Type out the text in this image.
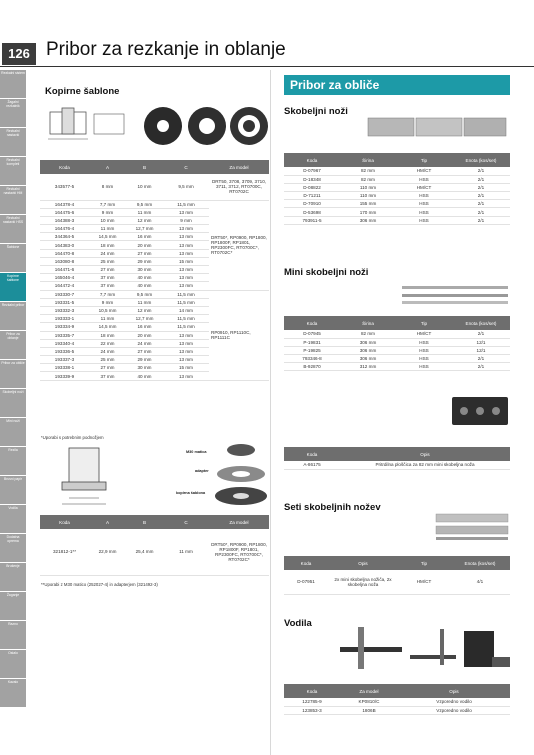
126 Pribor za rezkanje in oblanje
Rezkalni sistem
Žagalni rezkalnik
Rezkalni nastavki
Rezkalni kompleti
Rezkalni nastavki HM
Rezkalni nastavki HSS
Šablone
Kopirne šablone
Rezkalni pribor
Pribor za oblanje
Pribor za obliče
Skobeljni noži
Mini noži
Rezila
Brusni papir
Vodila
Dodatna oprema
Brušenje
Žaganje
Razno
Ostalo
Kazalo
Kopirne šablone
Koda	A	B	C	Za model
343577-5	8 mm	10 mm	9,5 mm	DRT50, 3708, 3709, 3710, 3711, 3712, RT0700C, RT0702C
164378-4	7,7 mm	9,5 mm	11,5 mm	DRT50*, RP0900, RP1800, RP1800F, RP1801, RP2300FC, RT0700C*, RT0702C*
164475-6	9 mm	11 mm	13 mm	
164388-3	10 mm	12 mm	9 mm	
164476-4	11 mm	12,7 mm	13 mm	
344364-5	14,5 mm	16 mm	13 mm	
164383-0	18 mm	20 mm	13 mm	
164470-8	24 mm	27 mm	13 mm	
163080-8	25 mm	29 mm	15 mm	
164471-6	27 mm	30 mm	13 mm	
165046-4	37 mm	40 mm	13 mm	
164472-4	37 mm	40 mm	13 mm	
193330-7	7,7 mm	9,5 mm	11,5 mm	RP0910, RP1110C, RP1111C
193331-5	9 mm	11 mm	11,5 mm	
193332-3	10,5 mm	12 mm	14 mm	
193333-1	11 mm	12,7 mm	11,5 mm	
193334-9	14,5 mm	16 mm	11,5 mm	
193335-7	18 mm	20 mm	13 mm	
193340-4	22 mm	24 mm	13 mm	
193336-5	24 mm	27 mm	13 mm	
193337-3	25 mm	29 mm	13 mm	
193338-1	27 mm	30 mm	15 mm	
193339-9	37 mm	40 mm	13 mm	
*Uporabi s potrebnim podnožjem
M30 matica
adapter
kopirna šablona
Koda	A	B	C	Za model
321812-1**	22,9 mm	25,4 mm	11 mm	DRT50*, RP0900, RP1800, RP1800F, RP1801, RP2300FC, RT0700C*, RT0702C*
**Uporabi z M30 matico (252027-4) in adapterjem (321492-3)
Pribor za obliče
Skobeljni noži
Koda	Širina	Tip	Enota (kos/set)
D-07967	82 mm	HM/CT	2/1
D-18348	82 mm	HSS	2/1
D-08822	110 mm	HM/CT	2/1
D-71211	110 mm	HSS	2/1
D-70910	155 mm	HSS	2/1
D-53698	170 mm	HSS	2/1
793911-5	306 mm	HSS	2/1
Mini skobeljni noži
Koda	Širina	Tip	Enota (kos/set)
D-07945	82 mm	HM/CT	2/1
P-19831	306 mm	HSS	12/1
P-19825	306 mm	HSS	12/1
793346-8	306 mm	HSS	2/1
B-92870	312 mm	HSS	2/1
Koda	Opis
A-86175	Pritrdilna ploščica za 82 mm mini skobeljna noža
Seti skobeljnih nožev
Koda	Opis	Tip	Enota (kos/set)
D-07951	2x mini skobeljna nožiča, 2x skobeljna noža	HM/CT	4/1
Vodila
Koda	Za model	Opis
122785-9	KP0810/C	Vzporedno vodilo
123853-3	1806B	Vzporedno vodilo
